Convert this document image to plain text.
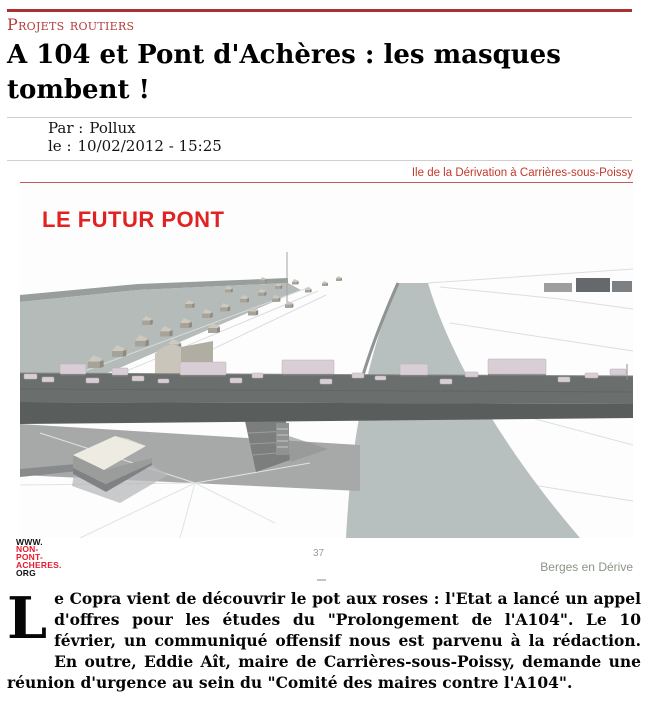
Projets routiers
A 104 et Pont d'Achères : les masques tombent !
Par : Pollux
le : 10/02/2012 - 15:25
Ile de la Dérivation à Carrières-sous-Poissy
LE FUTUR PONT
WWW.
NON-
PONT-
ACHERES.
ORG
37
Berges en Dérive

Le Copra vient de découvrir le pot aux roses : l'Etat a lancé un appel d'offres pour les études du "Prolongement de l'A104". Le 10 février, un communiqué offensif nous est parvenu à la rédaction. En outre, Eddie Aît, maire de Carrières-sous-Poissy, demande une réunion d'urgence au sein du "Comité des maires contre l'A104".
